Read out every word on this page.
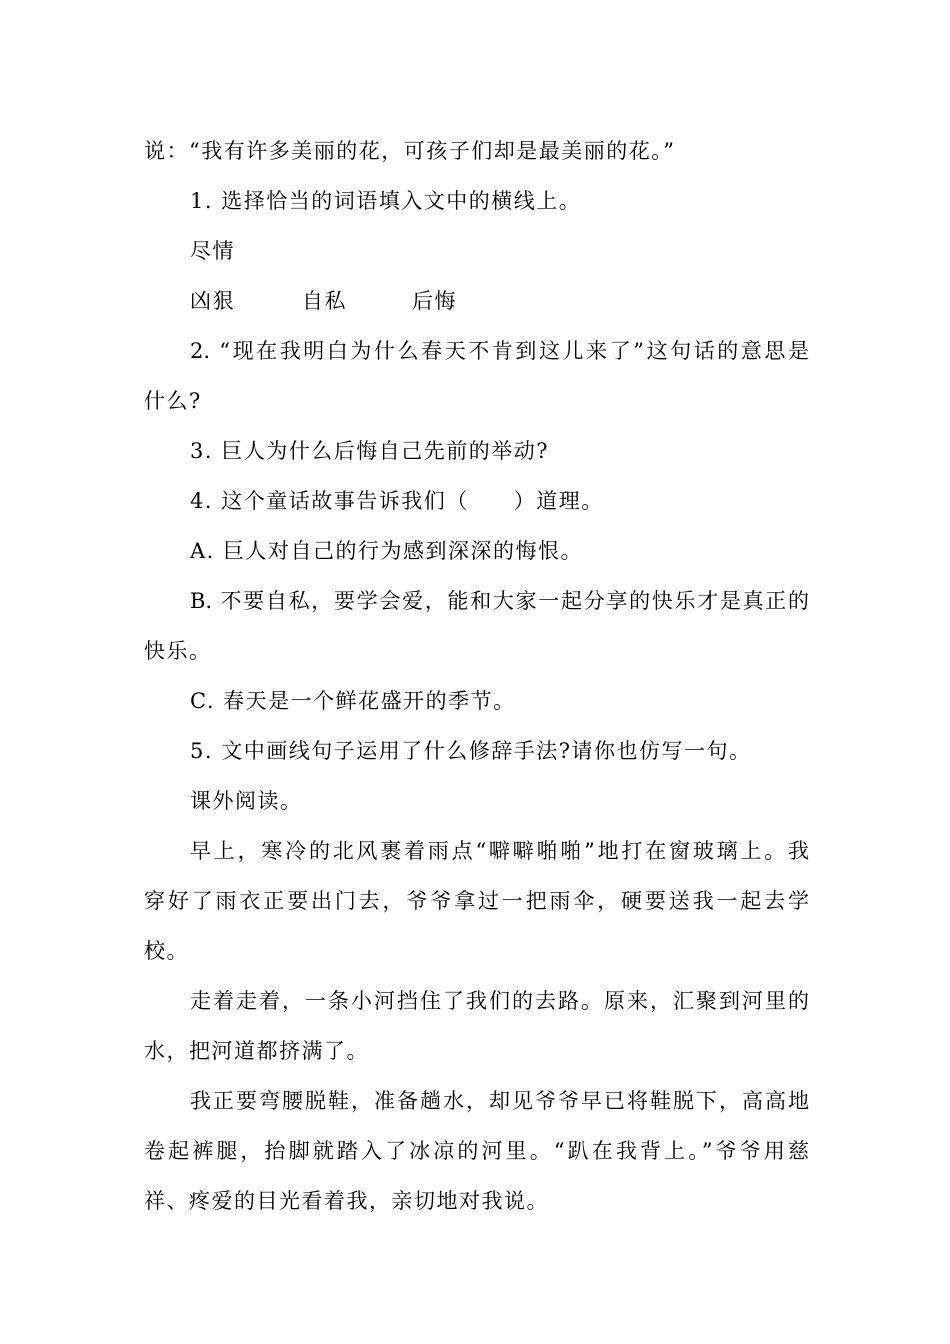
说：“我有许多美丽的花，可孩子们却是最美丽的花。”
1. 选择恰当的词语填入文中的横线上。
尽情
凶狠	自私	后悔
2. “现在我明白为什么春天不肯到这儿来了”这句话的意思是
什么?
3. 巨人为什么后悔自己先前的举动?
4. 这个童话故事告诉我们（　　）道理。
A. 巨人对自己的行为感到深深的悔恨。
B. 不要自私，要学会爱，能和大家一起分享的快乐才是真正的
快乐。
C. 春天是一个鲜花盛开的季节。
5. 文中画线句子运用了什么修辞手法?请你也仿写一句。
课外阅读。
早上，寒冷的北风裹着雨点“噼噼啪啪”地打在窗玻璃上。我
穿好了雨衣正要出门去，爷爷拿过一把雨伞，硬要送我一起去学
校。
走着走着，一条小河挡住了我们的去路。原来，汇聚到河里的
水，把河道都挤满了。
我正要弯腰脱鞋，准备趟水，却见爷爷早已将鞋脱下，高高地
卷起裤腿，抬脚就踏入了冰凉的河里。“趴在我背上。”爷爷用慈
祥、疼爱的目光看着我，亲切地对我说。
